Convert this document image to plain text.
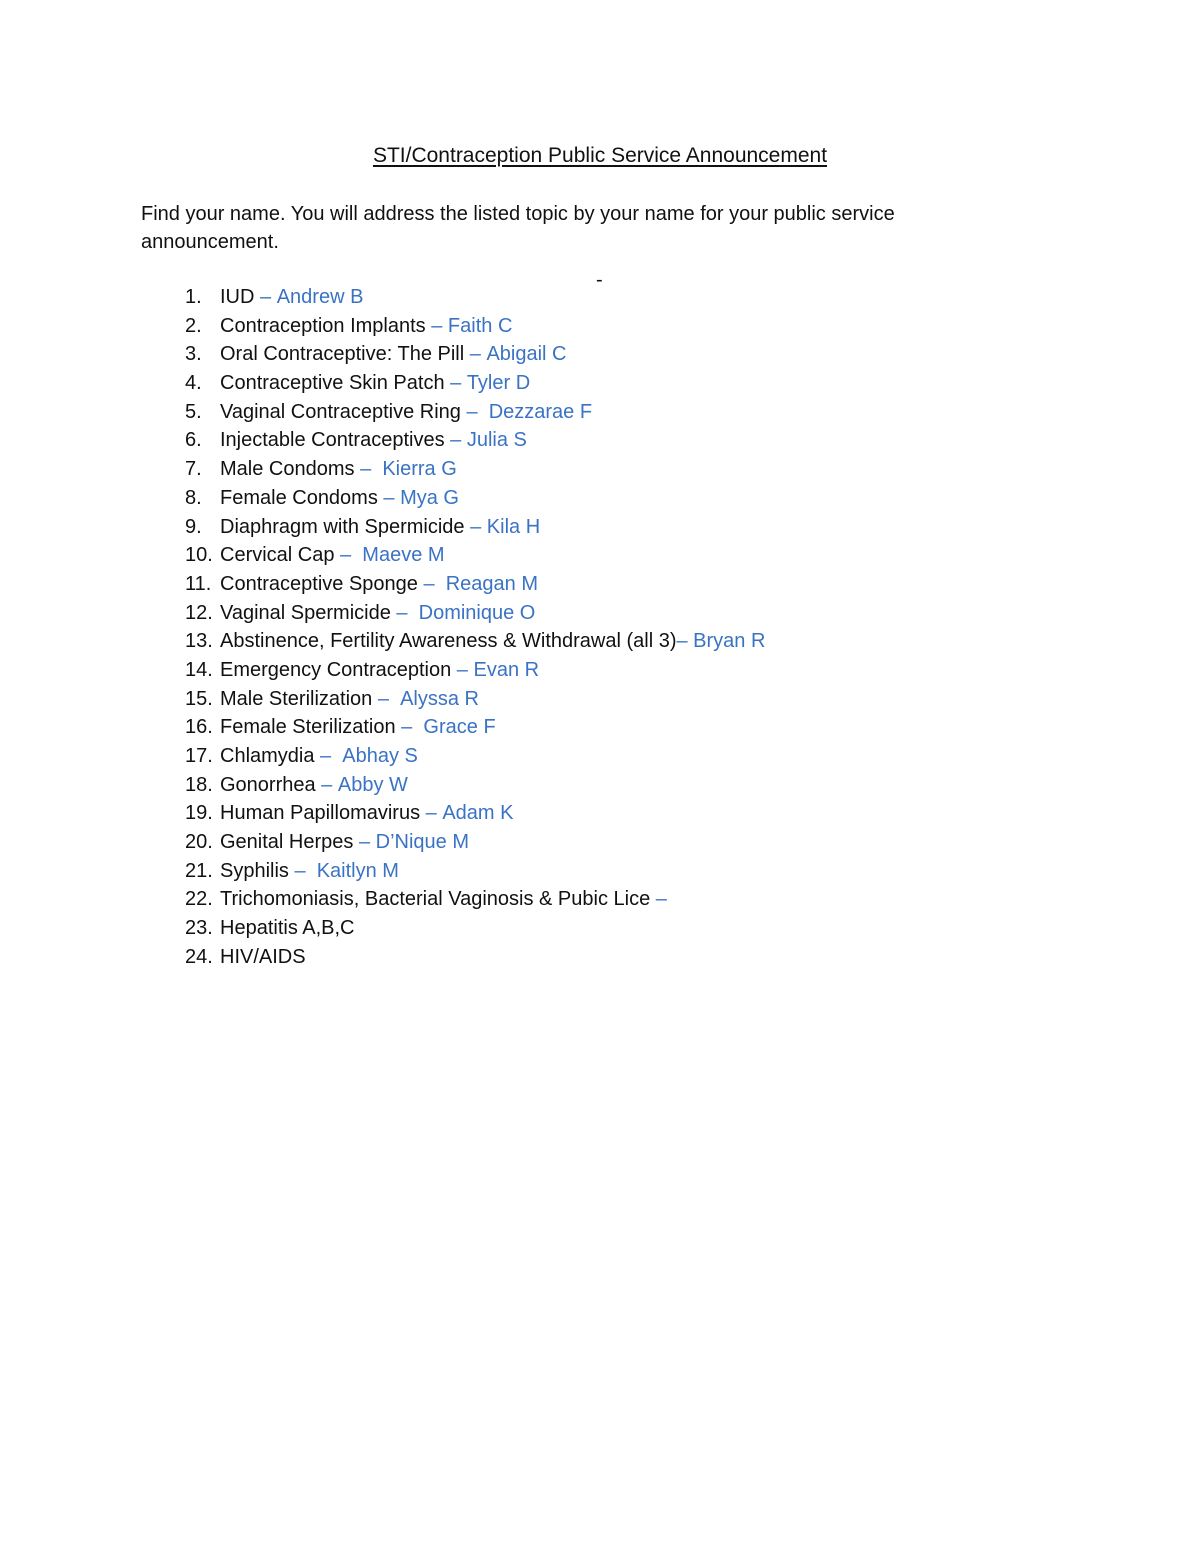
STI/Contraception Public Service Announcement

Find your name. You will address the listed topic by your name for your public service announcement.

-
1. IUD – Andrew B
2. Contraception Implants – Faith C
3. Oral Contraceptive: The Pill – Abigail C
4. Contraceptive Skin Patch – Tyler D
5. Vaginal Contraceptive Ring – Dezzarae F
6. Injectable Contraceptives – Julia S
7. Male Condoms – Kierra G
8. Female Condoms – Mya G
9. Diaphragm with Spermicide – Kila H
10. Cervical Cap – Maeve M
11. Contraceptive Sponge – Reagan M
12. Vaginal Spermicide – Dominique O
13. Abstinence, Fertility Awareness & Withdrawal (all 3) – Bryan R
14. Emergency Contraception – Evan R
15. Male Sterilization – Alyssa R
16. Female Sterilization – Grace F
17. Chlamydia – Abhay S
18. Gonorrhea – Abby W
19. Human Papillomavirus – Adam K
20. Genital Herpes – D’Nique M
21. Syphilis – Kaitlyn M
22. Trichomoniasis, Bacterial Vaginosis & Pubic Lice –
23. Hepatitis A,B,C
24. HIV/AIDS
